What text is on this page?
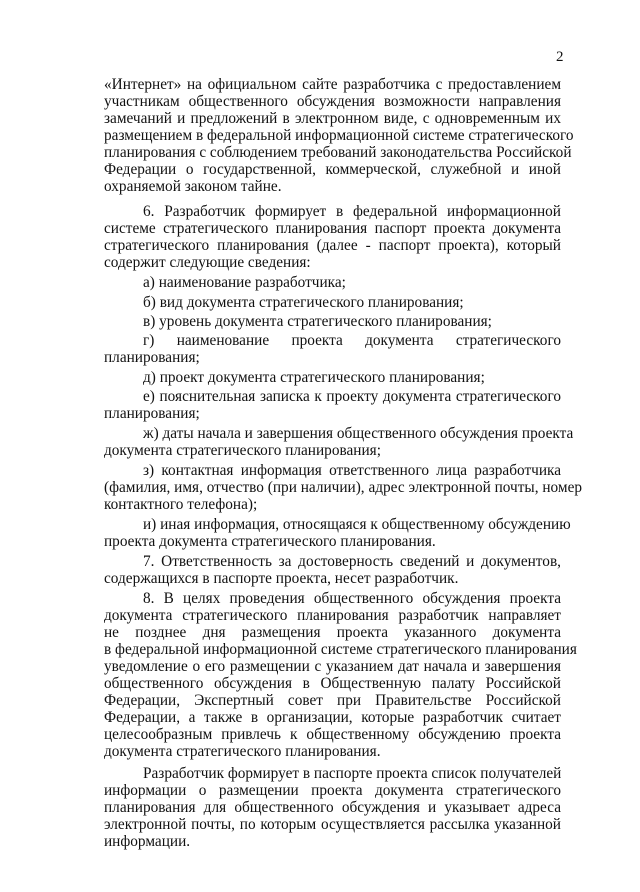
2
«Интернет» на официальном сайте разработчика с предоставлением
участникам общественного обсуждения возможности направления
замечаний и предложений в электронном виде, с одновременным их
размещением в федеральной информационной системе стратегического
планирования с соблюдением требований законодательства Российской
Федерации о государственной, коммерческой, служебной и иной
охраняемой законом тайне.
6. Разработчик формирует в федеральной информационной
системе стратегического планирования паспорт проекта документа
стратегического планирования (далее - паспорт проекта), который
содержит следующие сведения:
а) наименование разработчика;
б) вид документа стратегического планирования;
в) уровень документа стратегического планирования;
г) наименование проекта документа стратегического
планирования;
д) проект документа стратегического планирования;
е) пояснительная записка к проекту документа стратегического
планирования;
ж) даты начала и завершения общественного обсуждения проекта
документа стратегического планирования;
з) контактная информация ответственного лица разработчика
(фамилия, имя, отчество (при наличии), адрес электронной почты, номер
контактного телефона);
и) иная информация, относящаяся к общественному обсуждению
проекта документа стратегического планирования.
7. Ответственность за достоверность сведений и документов,
содержащихся в паспорте проекта, несет разработчик.
8. В целях проведения общественного обсуждения проекта
документа стратегического планирования разработчик направляет
не позднее дня размещения проекта указанного документа
в федеральной информационной системе стратегического планирования
уведомление о его размещении с указанием дат начала и завершения
общественного обсуждения в Общественную палату Российской
Федерации, Экспертный совет при Правительстве Российской
Федерации, а также в организации, которые разработчик считает
целесообразным привлечь к общественному обсуждению проекта
документа стратегического планирования.
Разработчик формирует в паспорте проекта список получателей
информации о размещении проекта документа стратегического
планирования для общественного обсуждения и указывает адреса
электронной почты, по которым осуществляется рассылка указанной
информации.
